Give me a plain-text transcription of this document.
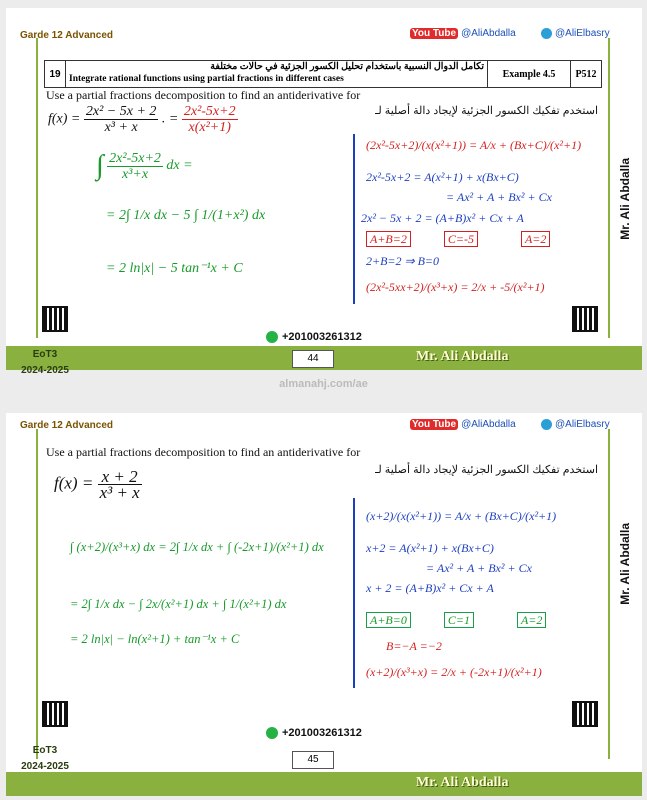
Garde 12 Advanced	You Tube @AliAbdalla	@AliElbasry
19
تكامل الدوال النسبية باستخدام تحليل الكسور الجزئية في حالات مختلفة
Integrate rational functions using partial fractions in different cases	Example 4.5	P512
Use a partial fractions decomposition to find an antiderivative for
استخدم تفكيك الكسور الجزئية لإيجاد دالة أصلية لـ
$f(x) = \frac{\text{2x² − 5x + 2}}{\text{x³ + x}}$ . = $\frac{\text{2x²-5x+2}}{\text{x(x²+1)}}$
∫ $\frac{\text{2x²-5x+2}}{\text{x³+x}}$ dx =
= 2∫ 1/x dx − 5 ∫ 1/(1+x²) dx
= 2 ln|x| − 5 tan⁻¹x + C
(2x²-5x+2)/(x(x²+1)) = A/x + (Bx+C)/(x²+1)
2x²-5x+2 = A(x²+1) + x(Bx+C)
= Ax² + A + Bx² + Cx
2x² − 5x + 2 = (A+B)x² + Cx + A
A+B=2	C=-5	A=2
2+B=2 ⇒ B=0
(2x²-5xx+2)/(x³+x) = 2/x + -5/(x²+1)
Mr. Ali Abdalla
+201003261312
Mr. Ali Abdalla
EoT3
2024-2025
44
almanahj.com/ae
Garde 12 Advanced	You Tube @AliAbdalla	@AliElbasry
Use a partial fractions decomposition to find an antiderivative for
استخدم تفكيك الكسور الجزئية لإيجاد دالة أصلية لـ
$f(x) = \frac{x + 2}{\text{x³ + x}}$
∫ (x+2)/(x³+x) dx = 2∫ 1/x dx + ∫ (-2x+1)/(x²+1) dx
= 2∫ 1/x dx − ∫ 2x/(x²+1) dx + ∫ 1/(x²+1) dx
= 2 ln|x| − ln(x²+1) + tan⁻¹x + C
(x+2)/(x(x²+1)) = A/x + (Bx+C)/(x²+1)
x+2 = A(x²+1) + x(Bx+C)
= Ax² + A + Bx² + Cx
x + 2 = (A+B)x² + Cx + A
A+B=0	C=1	A=2
B=−A =−2
(x+2)/(x³+x) = 2/x + (-2x+1)/(x²+1)
Mr. Ali Abdalla
+201003261312
Mr. Ali Abdalla
EoT3
2024-2025
45
